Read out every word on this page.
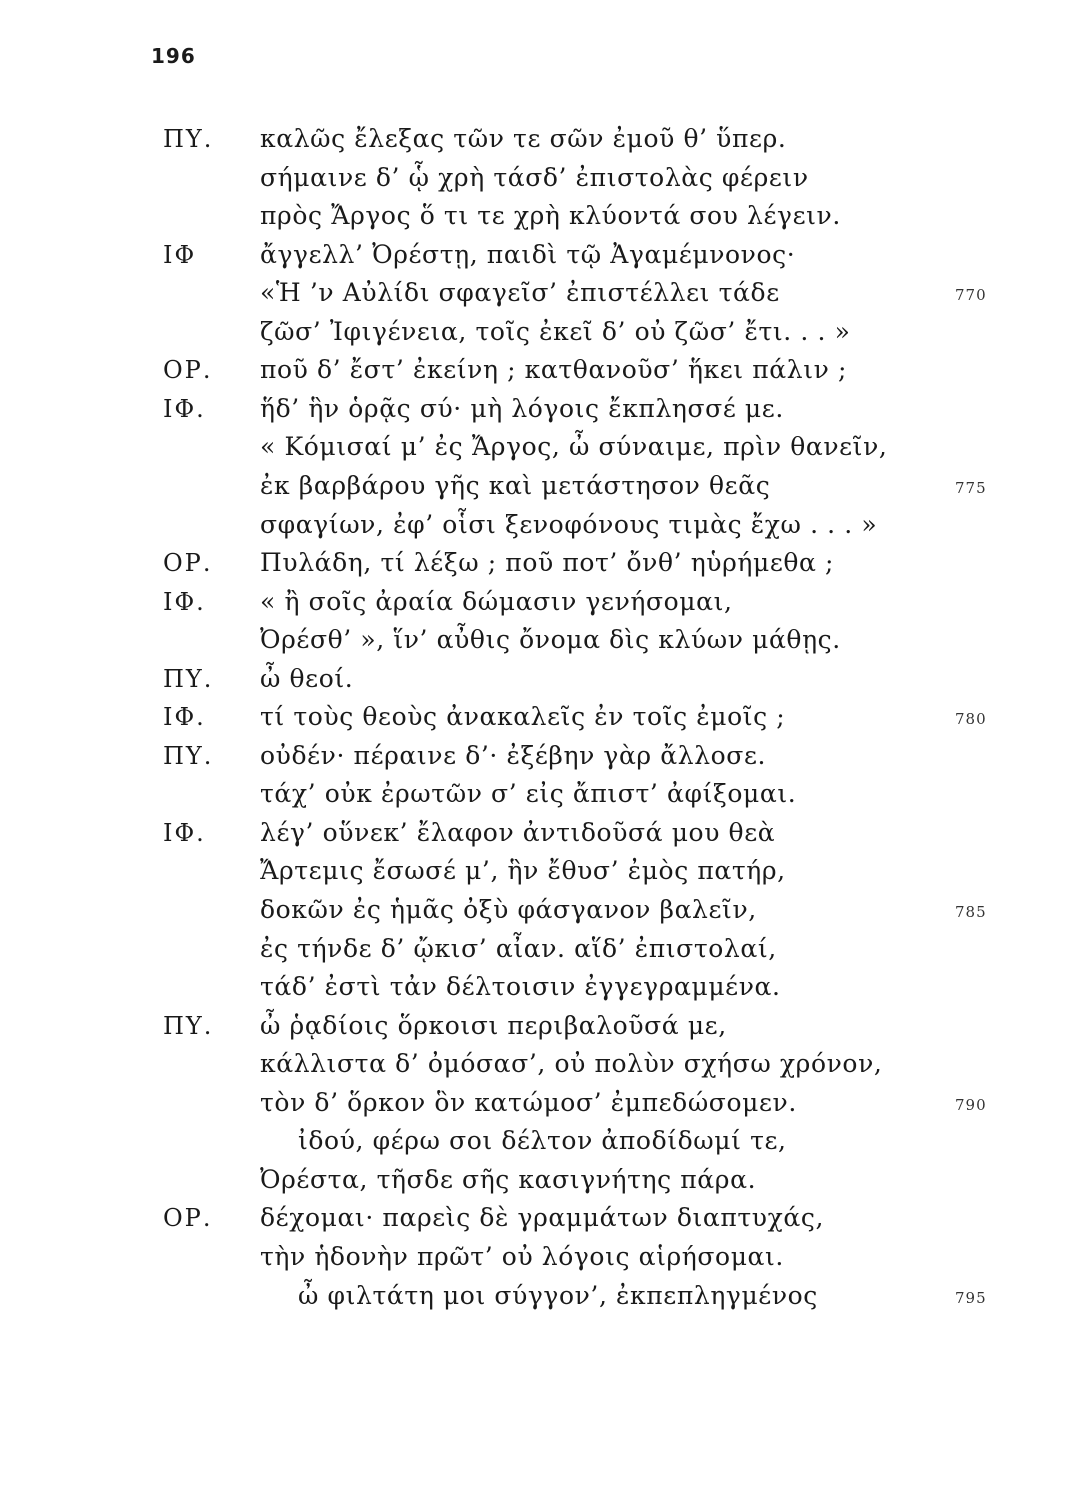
196
ΠΥ. καλῶς ἔλεξας τῶν τε σῶν ἐμοῦ θ’ ὕπερ.
σήμαινε δ’ ᾧ χρὴ τάσδ’ ἐπιστολὰς φέρειν
πρὸς Ἄργος ὅ τι τε χρὴ κλύοντά σου λέγειν.
ΙΦ	ἄγγελλ’ Ὀρέστῃ, παιδὶ τῷ Ἀγαμέμνονος·
«Ἡ ’ν Αὐλίδι σφαγεῖσ’ ἐπιστέλλει τάδε	770
ζῶσ’ Ἰφιγένεια, τοῖς ἐκεῖ δ’ οὐ ζῶσ’ ἔτι. . . »
ΟΡ. ποῦ δ’ ἔστ’ ἐκείνη ; κατθανοῦσ’ ἥκει πάλιν ;
ΙΦ. ἥδ’ ἣν ὁρᾷς σύ· μὴ λόγοις ἔκπλησσέ με.
« Κόμισαί μ’ ἐς Ἄργος, ὦ σύναιμε, πρὶν θανεῖν,
ἐκ βαρβάρου γῆς καὶ μετάστησον θεᾶς	775
σφαγίων, ἐφ’ οἷσι ξενοφόνους τιμὰς ἔχω . . . »
ΟΡ. Πυλάδη, τί λέξω ; ποῦ ποτ’ ὄνθ’ ηὑρήμεθα ;
ΙΦ. « ἢ σοῖς ἀραία δώμασιν γενήσομαι,
Ὀρέσθ’ », ἵν’ αὖθις ὄνομα δὶς κλύων μάθῃς.
ΠΥ. ὦ θεοί.
ΙΦ. τί τοὺς θεοὺς ἀνακαλεῖς ἐν τοῖς ἐμοῖς ;	780
ΠΥ. οὐδέν· πέραινε δ’· ἐξέβην γὰρ ἄλλοσε.
τάχ’ οὐκ ἐρωτῶν σ’ εἰς ἄπιστ’ ἀφίξομαι.
ΙΦ. λέγ’ οὕνεκ’ ἔλαφον ἀντιδοῦσά μου θεὰ
Ἄρτεμις ἔσωσέ μ’, ἣν ἔθυσ’ ἐμὸς πατήρ,
δοκῶν ἐς ἡμᾶς ὀξὺ φάσγανον βαλεῖν,	785
ἐς τήνδε δ’ ᾤκισ’ αἶαν. αἵδ’ ἐπιστολαί,
τάδ’ ἐστὶ τἀν δέλτοισιν ἐγγεγραμμένα.
ΠΥ. ὦ ῥᾳδίοις ὅρκοισι περιβαλοῦσά με,
κάλλιστα δ’ ὀμόσασ’, οὐ πολὺν σχήσω χρόνον,
τὸν δ’ ὅρκον ὃν κατώμοσ’ ἐμπεδώσομεν.	790
ἰδού, φέρω σοι δέλτον ἀποδίδωμί τε,
Ὀρέστα, τῆσδε σῆς κασιγνήτης πάρα.
ΟΡ. δέχομαι· παρεὶς δὲ γραμμάτων διαπτυχάς,
τὴν ἡδονὴν πρῶτ’ οὐ λόγοις αἱρήσομαι.
ὦ φιλτάτη μοι σύγγον’, ἐκπεπληγμένος	795
